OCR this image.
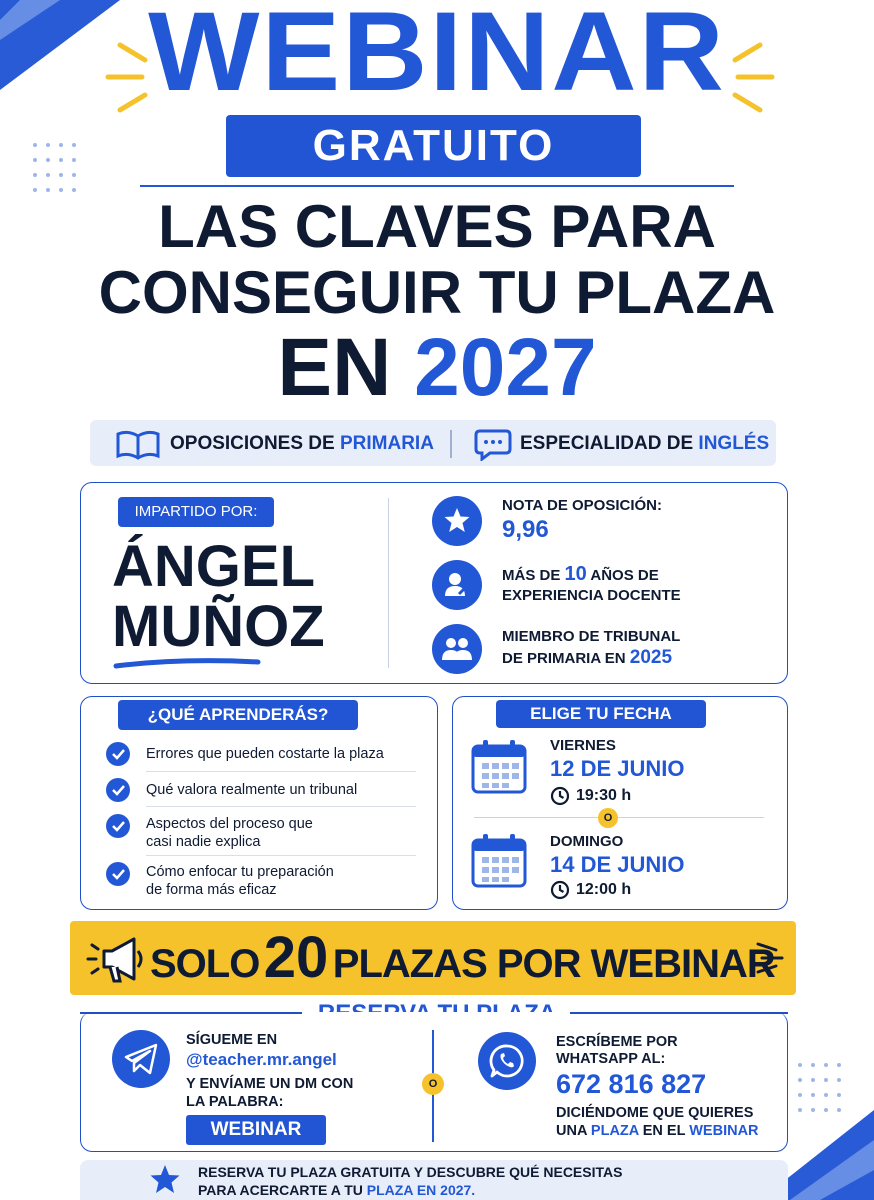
WEBINAR
GRATUITO
LAS CLAVES PARA
CONSEGUIR TU PLAZA
EN 2027
OPOSICIONES DE PRIMARIA	ESPECIALIDAD DE INGLÉS
IMPARTIDO POR:
ÁNGEL
MUÑOZ
NOTA DE OPOSICIÓN:
9,96
MÁS DE 10 AÑOS DE
EXPERIENCIA DOCENTE
MIEMBRO DE TRIBUNAL
DE PRIMARIA EN 2025
¿QUÉ APRENDERÁS?
Errores que pueden costarte la plaza
Qué valora realmente un tribunal
Aspectos del proceso que
casi nadie explica
Cómo enfocar tu preparación
de forma más eficaz
ELIGE TU FECHA
VIERNES
12 DE JUNIO
19:30 h
O
DOMINGO
14 DE JUNIO
12:00 h
SOLO 20 PLAZAS POR WEBINAR
SÍGUEME EN
@teacher.mr.angel
Y ENVÍAME UN DM CON
LA PALABRA:
WEBINAR
O
ESCRÍBEME POR
WHATSAPP AL:
672 816 827
DICIÉNDOME QUE QUIERES
UNA PLAZA EN EL WEBINAR
RESERVA TU PLAZA GRATUITA Y DESCUBRE QUÉ NECESITAS
PARA ACERCARTE A TU PLAZA EN 2027.
